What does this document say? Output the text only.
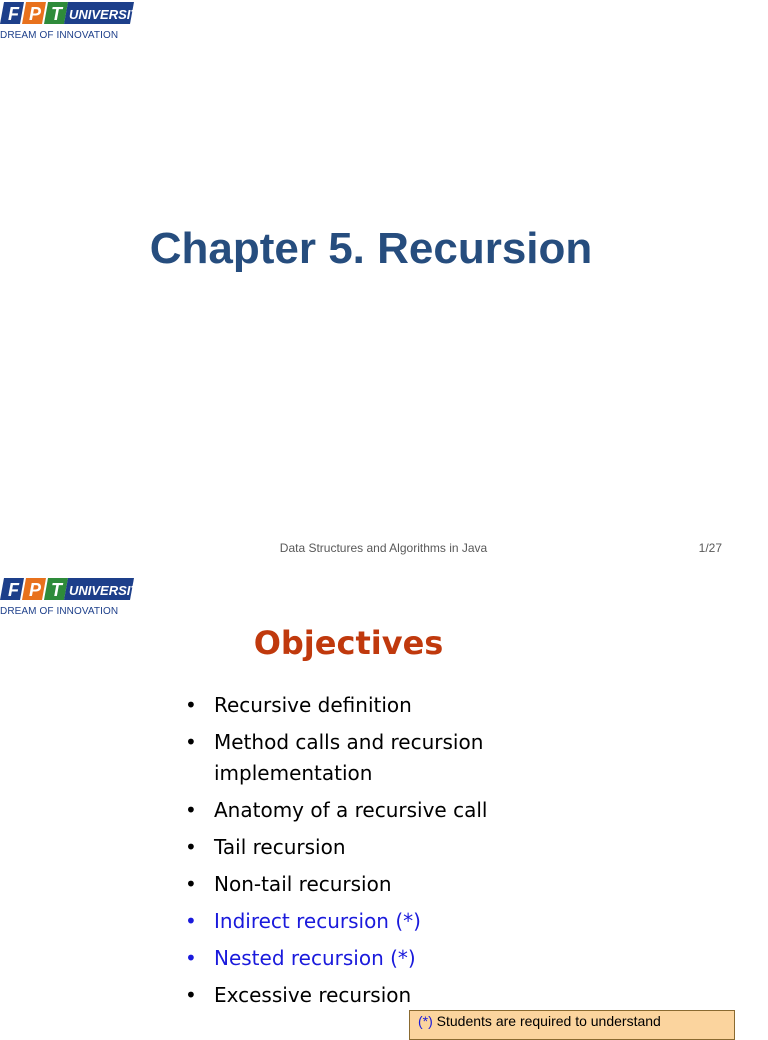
F P T UNIVERSITY
DREAM OF INNOVATION
Chapter 5. Recursion
Data Structures and Algorithms in Java	1/27
F P T UNIVERSITY
DREAM OF INNOVATION
Objectives
• Recursive definition
• Method calls and recursion implementation
• Anatomy of a recursive call
• Tail recursion
• Non-tail recursion
• Indirect recursion (*)
• Nested recursion (*)
• Excessive recursion
(*) Students are required to understand
